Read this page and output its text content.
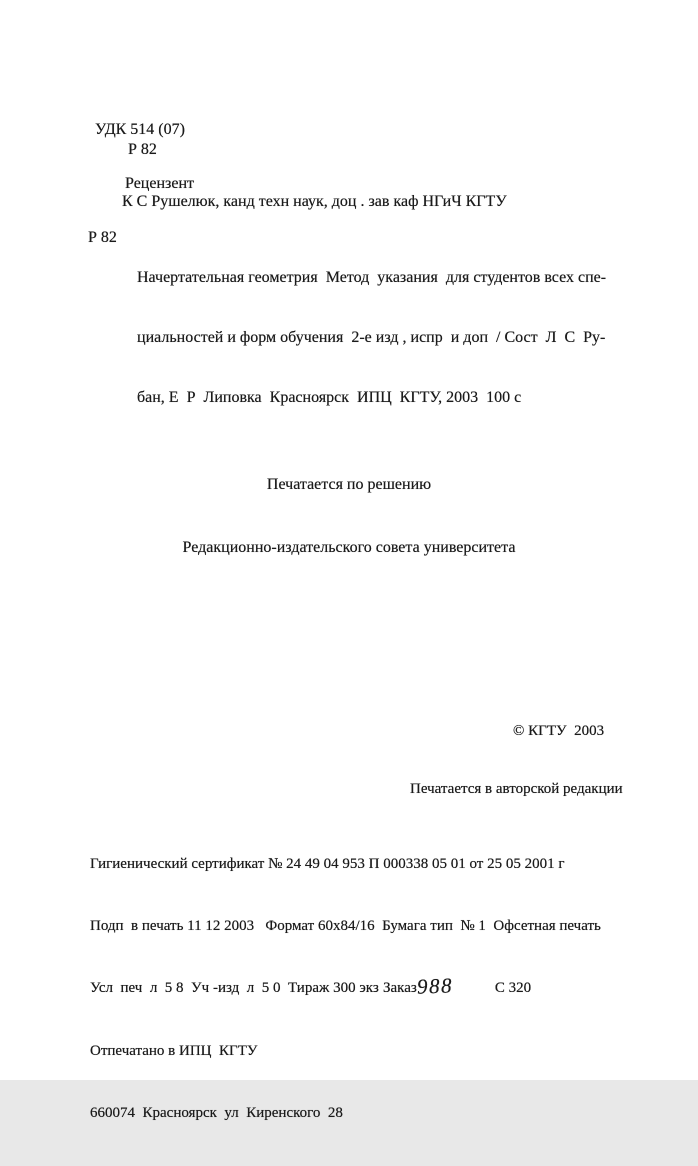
УДК 514 (07)
Р 82
Рецензент
К С Рушелюк, канд техн наук, доц . зав каф НГиЧ КГТУ
Р 82

Начертательная геометрия  Метод  указания  для студентов всех спе-

циальностей и форм обучения  2-е изд , испр  и доп  / Сост  Л  С  Ру-

бан, Е  Р  Липовка  Красноярск  ИПЦ  КГТУ, 2003  100 с

Печатается по решению

Редакционно-издательского совета университета

© КГТУ  2003
Печатается в авторской редакции

Гигиенический сертификат № 24 49 04 953 П 000338 05 01 от 25 05 2001 г

Подп  в печать 11 12 2003   Формат 60х84/16  Бумага тип  № 1  Офсетная печать

Усл  печ  л  5 8  Уч -изд  л  5 0  Тираж 300 экз Заказ 988	С 320

Отпечатано в ИПЦ  КГТУ

660074  Красноярск  ул  Киренского  28
